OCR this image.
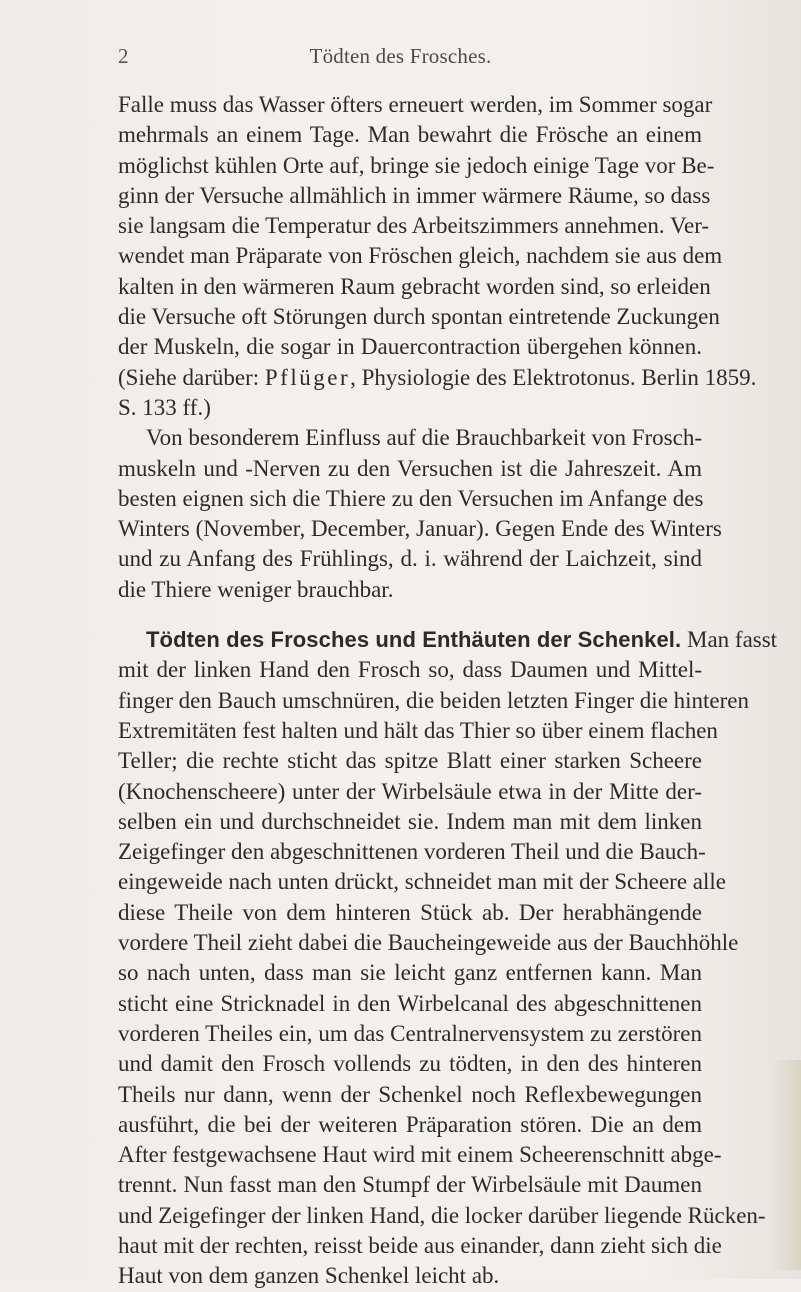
2	Tödten des Frosches.
Falle muss das Wasser öfters erneuert werden, im Sommer sogar
mehrmals an einem Tage. Man bewahrt die Frösche an einem
möglichst kühlen Orte auf, bringe sie jedoch einige Tage vor Be-
ginn der Versuche allmählich in immer wärmere Räume, so dass
sie langsam die Temperatur des Arbeitszimmers annehmen. Ver-
wendet man Präparate von Fröschen gleich, nachdem sie aus dem
kalten in den wärmeren Raum gebracht worden sind, so erleiden
die Versuche oft Störungen durch spontan eintretende Zuckungen
der Muskeln, die sogar in Dauercontraction übergehen können.
(Siehe darüber: Pflüger, Physiologie des Elektrotonus. Berlin 1859.
S. 133 ff.)
Von besonderem Einfluss auf die Brauchbarkeit von Frosch-
muskeln und -Nerven zu den Versuchen ist die Jahreszeit. Am
besten eignen sich die Thiere zu den Versuchen im Anfange des
Winters (November, December, Januar). Gegen Ende des Winters
und zu Anfang des Frühlings, d. i. während der Laichzeit, sind
die Thiere weniger brauchbar.
Tödten des Frosches und Enthäuten der Schenkel. Man fasst
mit der linken Hand den Frosch so, dass Daumen und Mittel-
finger den Bauch umschnüren, die beiden letzten Finger die hinteren
Extremitäten fest halten und hält das Thier so über einem flachen
Teller; die rechte sticht das spitze Blatt einer starken Scheere
(Knochenscheere) unter der Wirbelsäule etwa in der Mitte der-
selben ein und durchschneidet sie. Indem man mit dem linken
Zeigefinger den abgeschnittenen vorderen Theil und die Bauch-
eingeweide nach unten drückt, schneidet man mit der Scheere alle
diese Theile von dem hinteren Stück ab. Der herabhängende
vordere Theil zieht dabei die Baucheingeweide aus der Bauchhöhle
so nach unten, dass man sie leicht ganz entfernen kann. Man
sticht eine Stricknadel in den Wirbelcanal des abgeschnittenen
vorderen Theiles ein, um das Centralnervensystem zu zerstören
und damit den Frosch vollends zu tödten, in den des hinteren
Theils nur dann, wenn der Schenkel noch Reflexbewegungen
ausführt, die bei der weiteren Präparation stören. Die an dem
After festgewachsene Haut wird mit einem Scheerenschnitt abge-
trennt. Nun fasst man den Stumpf der Wirbelsäule mit Daumen
und Zeigefinger der linken Hand, die locker darüber liegende Rücken-
haut mit der rechten, reisst beide aus einander, dann zieht sich die
Haut von dem ganzen Schenkel leicht ab.
